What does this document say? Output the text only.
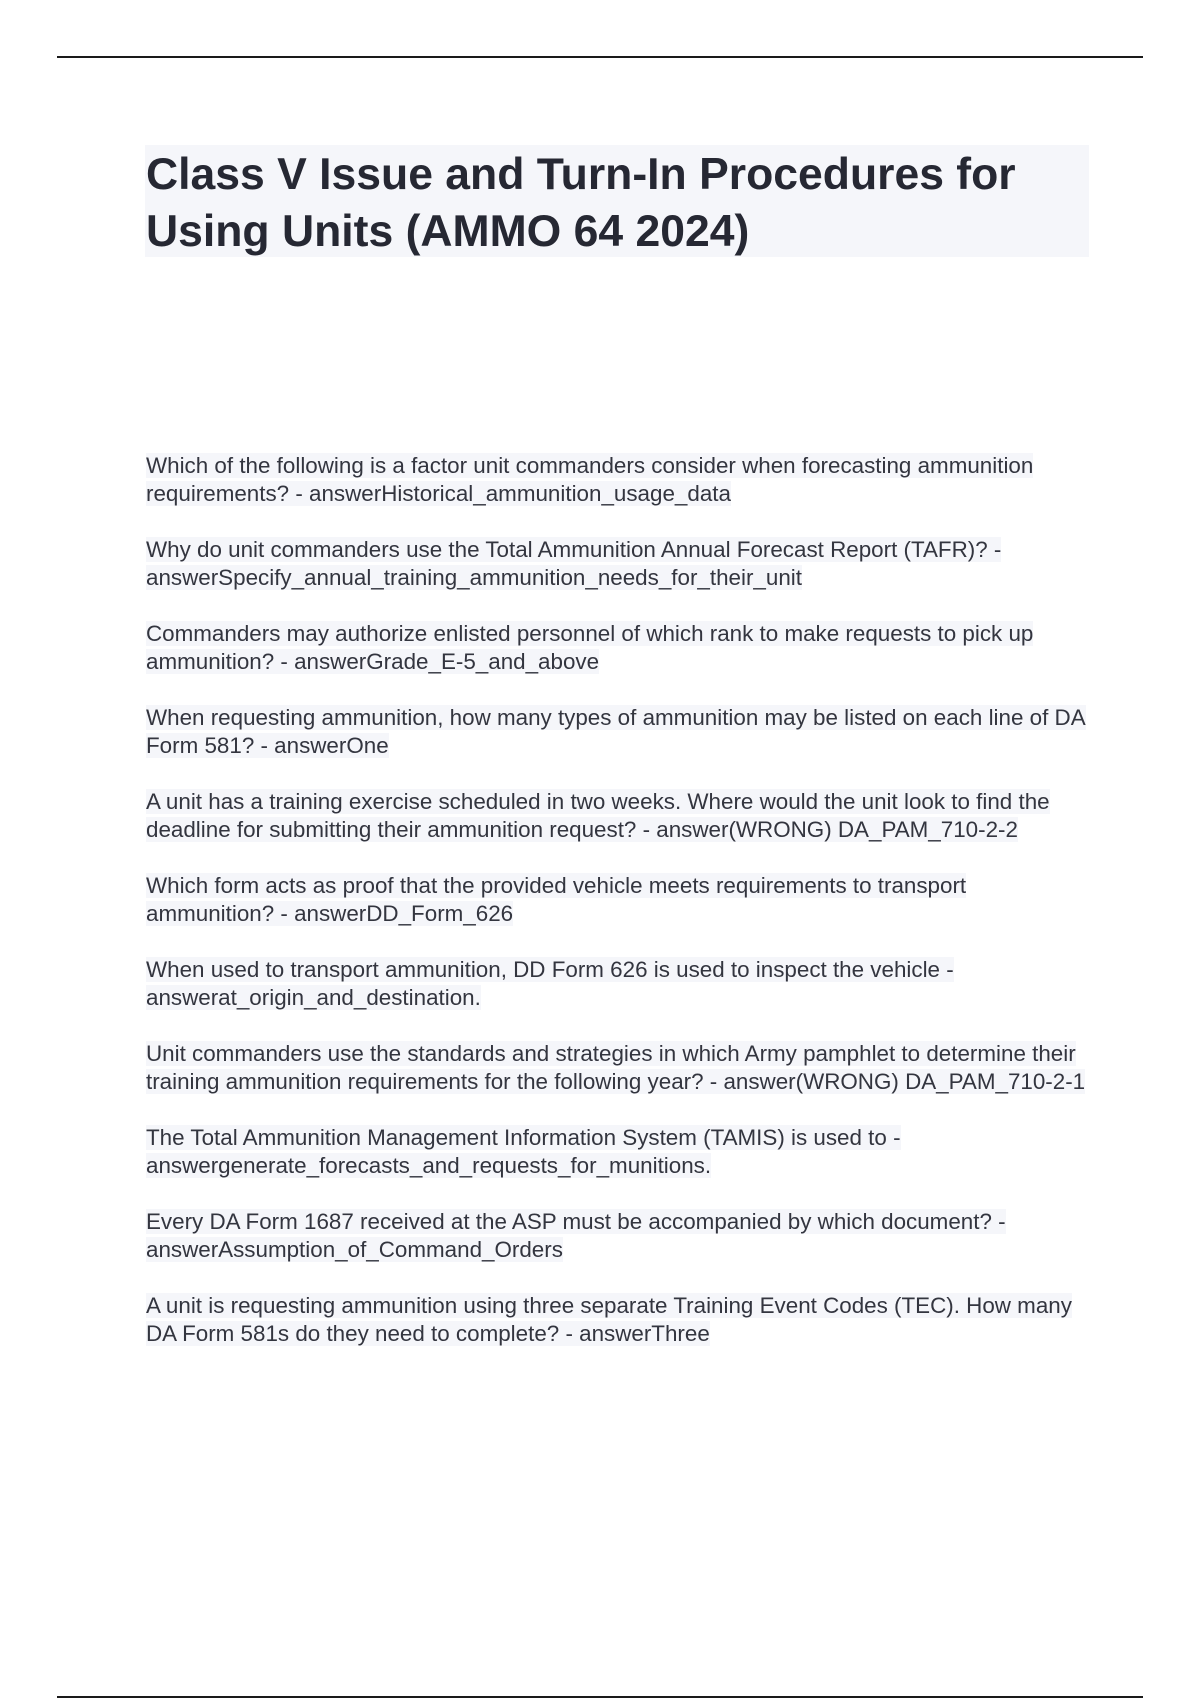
Class V Issue and Turn-In Procedures for Using Units (AMMO 64 2024)
Which of the following is a factor unit commanders consider when forecasting ammunition requirements? - answerHistorical_ammunition_usage_data
Why do unit commanders use the Total Ammunition Annual Forecast Report (TAFR)? - answerSpecify_annual_training_ammunition_needs_for_their_unit
Commanders may authorize enlisted personnel of which rank to make requests to pick up ammunition? - answerGrade_E-5_and_above
When requesting ammunition, how many types of ammunition may be listed on each line of DA Form 581? - answerOne
A unit has a training exercise scheduled in two weeks. Where would the unit look to find the deadline for submitting their ammunition request? - answer(WRONG) DA_PAM_710-2-2
Which form acts as proof that the provided vehicle meets requirements to transport ammunition? - answerDD_Form_626
When used to transport ammunition, DD Form 626 is used to inspect the vehicle - answerat_origin_and_destination.
Unit commanders use the standards and strategies in which Army pamphlet to determine their training ammunition requirements for the following year? - answer(WRONG) DA_PAM_710-2-1
The Total Ammunition Management Information System (TAMIS) is used to - answergenerate_forecasts_and_requests_for_munitions.
Every DA Form 1687 received at the ASP must be accompanied by which document? - answerAssumption_of_Command_Orders
A unit is requesting ammunition using three separate Training Event Codes (TEC). How many DA Form 581s do they need to complete? - answerThree
